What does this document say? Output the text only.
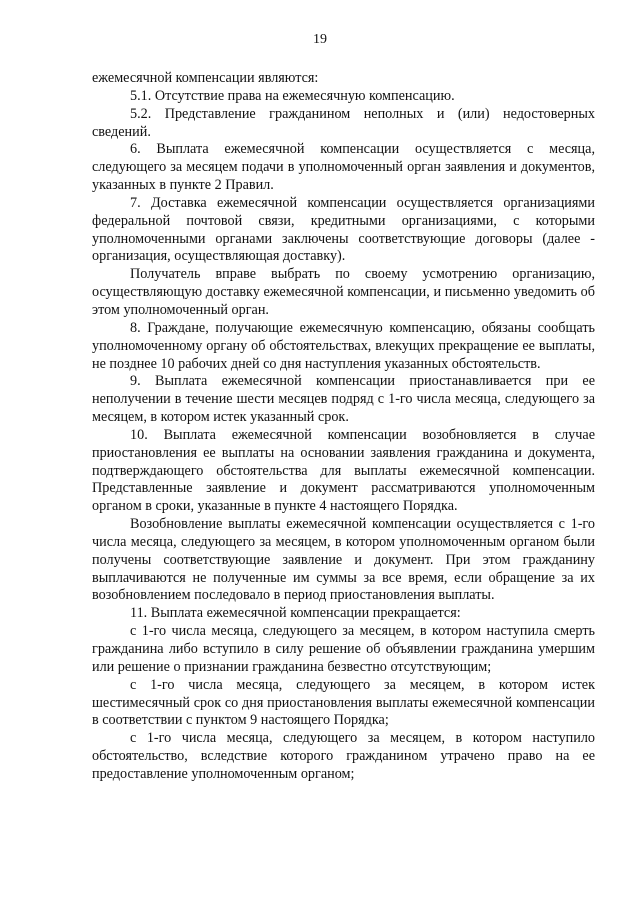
19

ежемесячной компенсации являются:

5.1. Отсутствие права на ежемесячную компенсацию.

5.2. Представление гражданином неполных и (или) недостоверных сведений.

6. Выплата ежемесячной компенсации осуществляется с месяца, следующего за месяцем подачи в уполномоченный орган заявления и документов, указанных в пункте 2 Правил.

7. Доставка ежемесячной компенсации осуществляется организациями федеральной почтовой связи, кредитными организациями, с которыми уполномоченными органами заключены соответствующие договоры (далее - организация, осуществляющая доставку).

Получатель вправе выбрать по своему усмотрению организацию, осуществляющую доставку ежемесячной компенсации, и письменно уведомить об этом уполномоченный орган.

8. Граждане, получающие ежемесячную компенсацию, обязаны сообщать уполномоченному органу об обстоятельствах, влекущих прекращение ее выплаты, не позднее 10 рабочих дней со дня наступления указанных обстоятельств.

9. Выплата ежемесячной компенсации приостанавливается при ее неполучении в течение шести месяцев подряд с 1-го числа месяца, следующего за месяцем, в котором истек указанный срок.

10. Выплата ежемесячной компенсации возобновляется в случае приостановления ее выплаты на основании заявления гражданина и документа, подтверждающего обстоятельства для выплаты ежемесячной компенсации. Представленные заявление и документ рассматриваются уполномоченным органом в сроки, указанные в пункте 4 настоящего Порядка.

Возобновление выплаты ежемесячной компенсации осуществляется с 1-го числа месяца, следующего за месяцем, в котором уполномоченным органом были получены соответствующие заявление и документ. При этом гражданину выплачиваются не полученные им суммы за все время, если обращение за их возобновлением последовало в период приостановления выплаты.

11. Выплата ежемесячной компенсации прекращается:

с 1-го числа месяца, следующего за месяцем, в котором наступила смерть гражданина либо вступило в силу решение об объявлении гражданина умершим или решение о признании гражданина безвестно отсутствующим;

с 1-го числа месяца, следующего за месяцем, в котором истек шестимесячный срок со дня приостановления выплаты ежемесячной компенсации в соответствии с пунктом 9 настоящего Порядка;

с 1-го числа месяца, следующего за месяцем, в котором наступило обстоятельство, вследствие которого гражданином утрачено право на ее предоставление уполномоченным органом;
